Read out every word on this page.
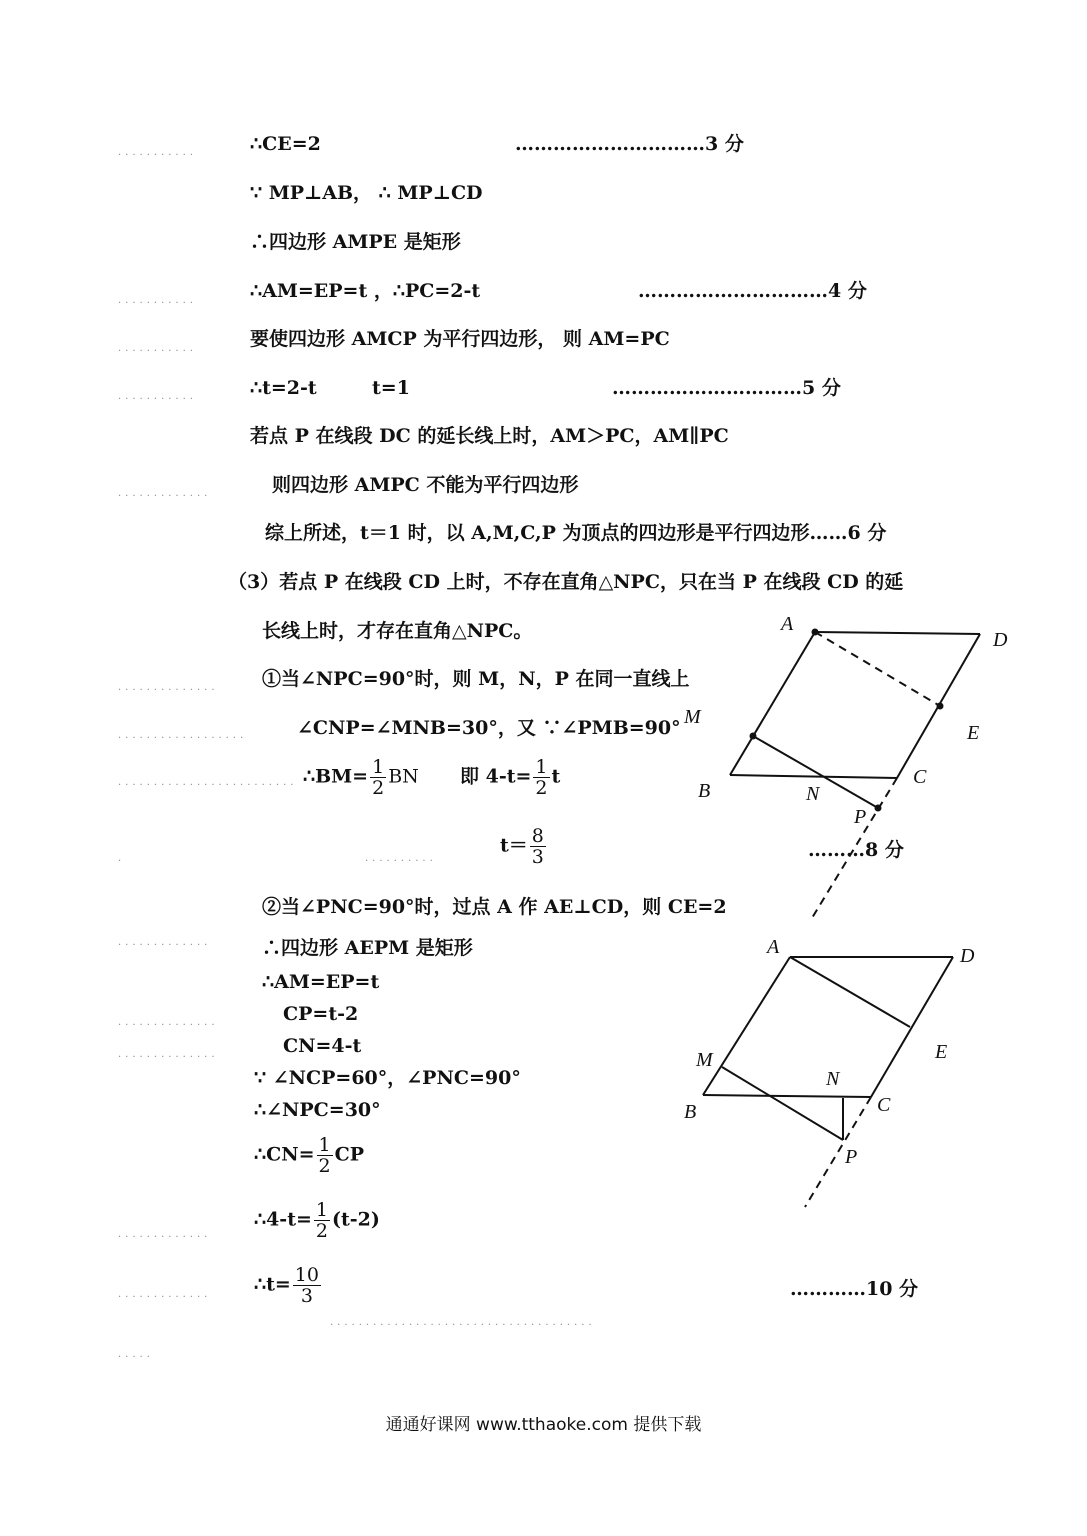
...........
...........
...........
...........
.............
..............
..................
.........................
.	..........
.............
..............
..............
.............
.............
.....................................
.....
∴CE=2	…………………………3 分
∵ MP⊥AB， ∴ MP⊥CD
∴四边形 AMPE 是矩形
∴AM=EP=t ，∴PC=2-t	…………………………4 分
要使四边形 AMCP 为平行四边形， 则 AM=PC
∴t=2-t	t=1	…………………………5 分
若点 P 在线段 DC 的延长线上时，AM＞PC，AM∥PC
则四边形 AMPC 不能为平行四边形
综上所述，t＝1 时，以 A,M,C,P 为顶点的四边形是平行四边形……6 分
（3）若点 P 在线段 CD 上时，不存在直角△NPC，只在当 P 在线段 CD 的延
长线上时，才存在直角△NPC。
①当∠NPC=90°时，则 M，N，P 在同一直线上
∠CNP=∠MNB=30°，又 ∵∠PMB=90°
∴BM= $\frac{1}{2}$ BN 即 $4-t= \frac{1}{2}$ t
$t= \frac{8}{3}$	………8 分
②当∠PNC=90°时，过点 A 作 AE⊥CD，则 CE=2
∴四边形 AEPM 是矩形
∴AM=EP=t
CP=t-2
CN=4-t
∵ ∠NCP=60°，∠PNC=90°
∴∠NPC=30°
∴CN= $\frac{1}{2}$ CP
∴4-t= $\frac{1}{2} (t-2)$
∴t= $\frac{10}{3}$	…………10 分
A
D
M
E
B	N
C
P
A	D
M	E
N
B	C
P
通通好课网 www.tthaoke.com 提供下载
